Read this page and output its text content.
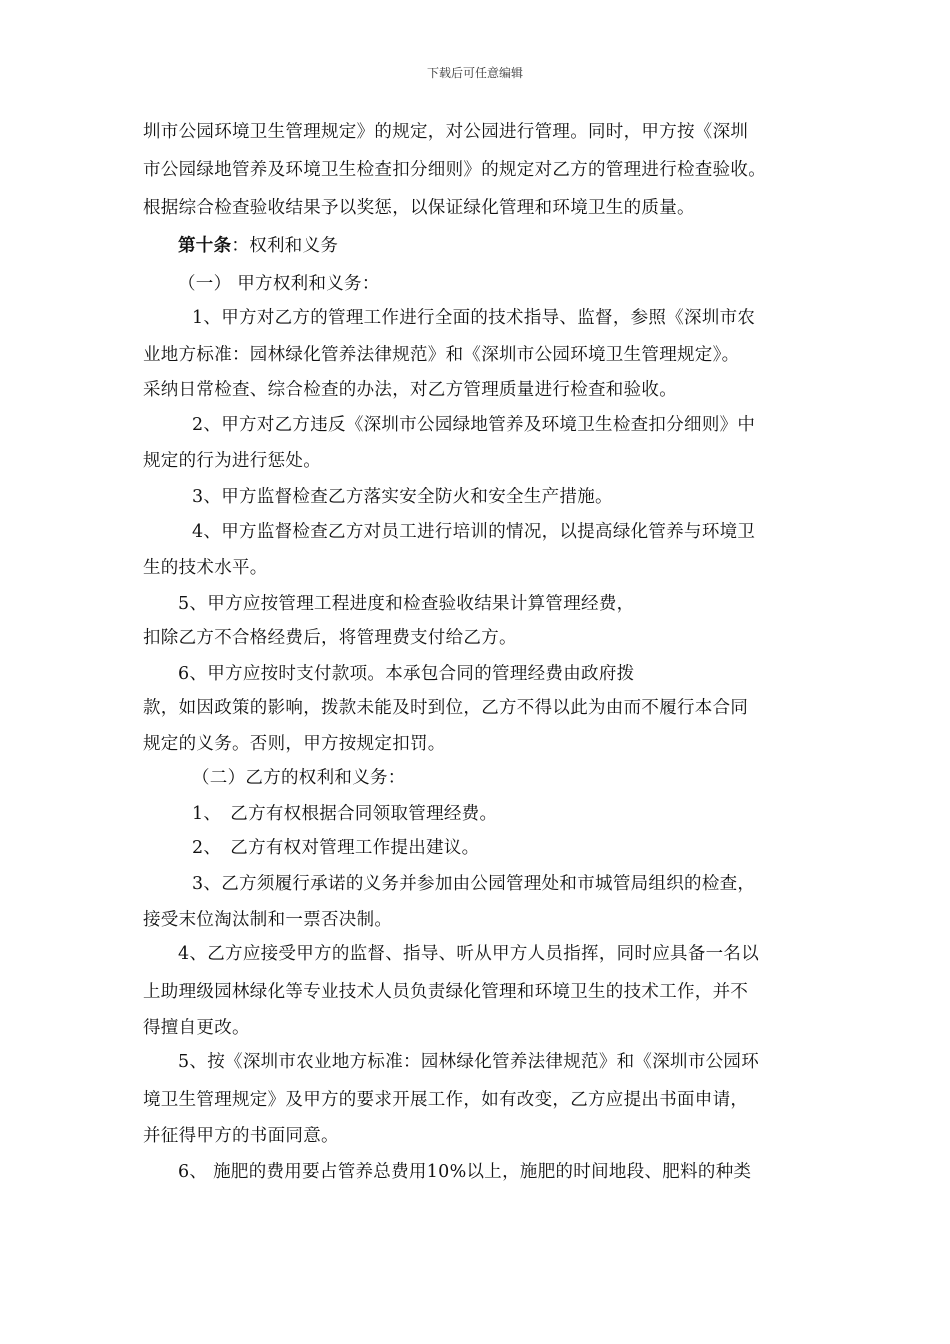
下载后可任意编辑
圳市公园环境卫生管理规定》的规定，对公园进行管理。同时，甲方按《深圳
市公园绿地管养及环境卫生检查扣分细则》的规定对乙方的管理进行检查验收。
根据综合检查验收结果予以奖惩，以保证绿化管理和环境卫生的质量。
第十条：权利和义务
（一） 甲方权利和义务：
1、甲方对乙方的管理工作进行全面的技术指导、监督，参照《深圳市农
业地方标准：园林绿化管养法律规范》和《深圳市公园环境卫生管理规定》。
采纳日常检查、综合检查的办法，对乙方管理质量进行检查和验收。
2、甲方对乙方违反《深圳市公园绿地管养及环境卫生检查扣分细则》中
规定的行为进行惩处。
3、甲方监督检查乙方落实安全防火和安全生产措施。
4、甲方监督检查乙方对员工进行培训的情况，以提高绿化管养与环境卫
生的技术水平。
5、甲方应按管理工程进度和检查验收结果计算管理经费，
扣除乙方不合格经费后，将管理费支付给乙方。
6、甲方应按时支付款项。本承包合同的管理经费由政府拨
款，如因政策的影响，拨款未能及时到位，乙方不得以此为由而不履行本合同
规定的义务。否则，甲方按规定扣罚。
（二）乙方的权利和义务：
1、　乙方有权根据合同领取管理经费。
2、　乙方有权对管理工作提出建议。
3、乙方须履行承诺的义务并参加由公园管理处和市城管局组织的检查，
接受末位淘汰制和一票否决制。
4、乙方应接受甲方的监督、指导、听从甲方人员指挥，同时应具备一名以
上助理级园林绿化等专业技术人员负责绿化管理和环境卫生的技术工作，并不
得擅自更改。
5、按《深圳市农业地方标准：园林绿化管养法律规范》和《深圳市公园环
境卫生管理规定》及甲方的要求开展工作，如有改变，乙方应提出书面申请，
并征得甲方的书面同意。
6、 施肥的费用要占管养总费用10%以上，施肥的时间地段、肥料的种类
